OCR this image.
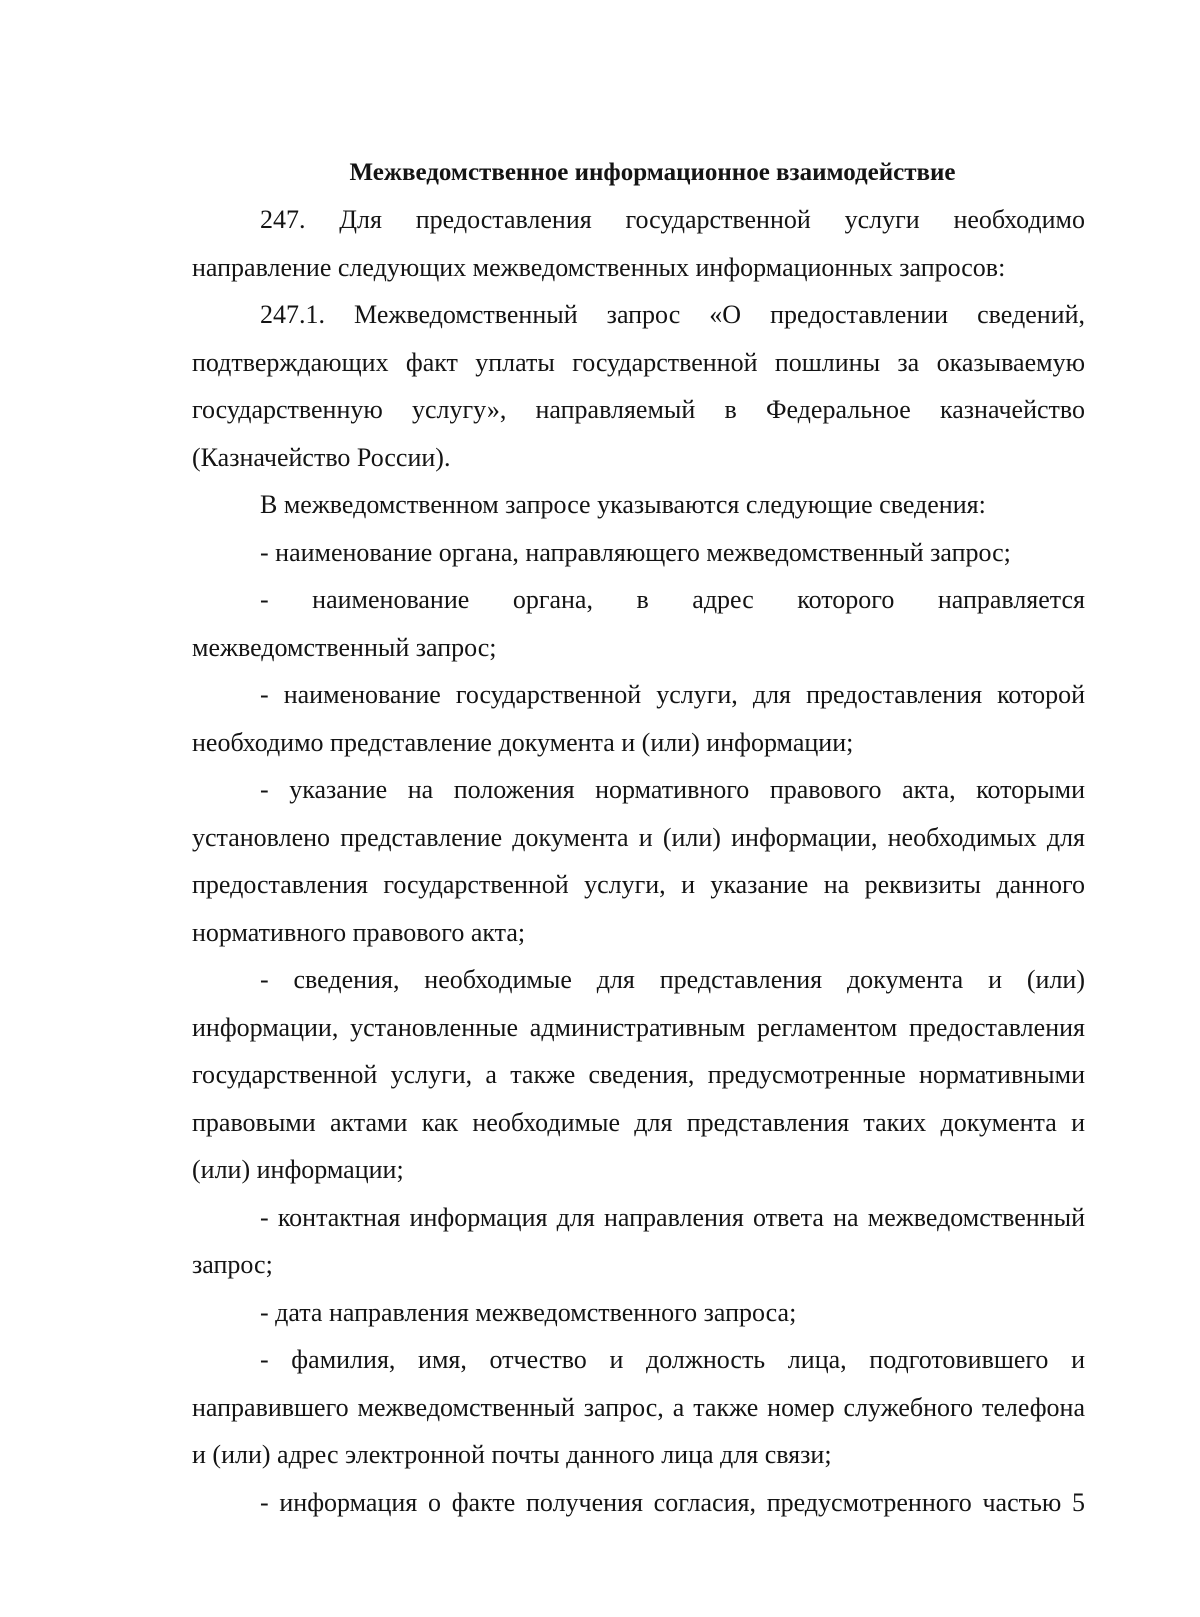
Межведомственное информационное взаимодействие

247. Для предоставления государственной услуги необходимо направление следующих межведомственных информационных запросов:

247.1. Межведомственный запрос «О предоставлении сведений, подтверждающих факт уплаты государственной пошлины за оказываемую государственную услугу», направляемый в Федеральное казначейство (Казначейство России).

В межведомственном запросе указываются следующие сведения:

- наименование органа, направляющего межведомственный запрос;

- наименование органа, в адрес которого направляется межведомственный запрос;

- наименование государственной услуги, для предоставления которой необходимо представление документа и (или) информации;

- указание на положения нормативного правового акта, которыми установлено представление документа и (или) информации, необходимых для предоставления государственной услуги, и указание на реквизиты данного нормативного правового акта;

- сведения, необходимые для представления документа и (или) информации, установленные административным регламентом предоставления государственной услуги, а также сведения, предусмотренные нормативными правовыми актами как необходимые для представления таких документа и (или) информации;

- контактная информация для направления ответа на межведомственный запрос;

- дата направления межведомственного запроса;

- фамилия, имя, отчество и должность лица, подготовившего и направившего межведомственный запрос, а также номер служебного телефона и (или) адрес электронной почты данного лица для связи;

- информация о факте получения согласия, предусмотренного частью 5
